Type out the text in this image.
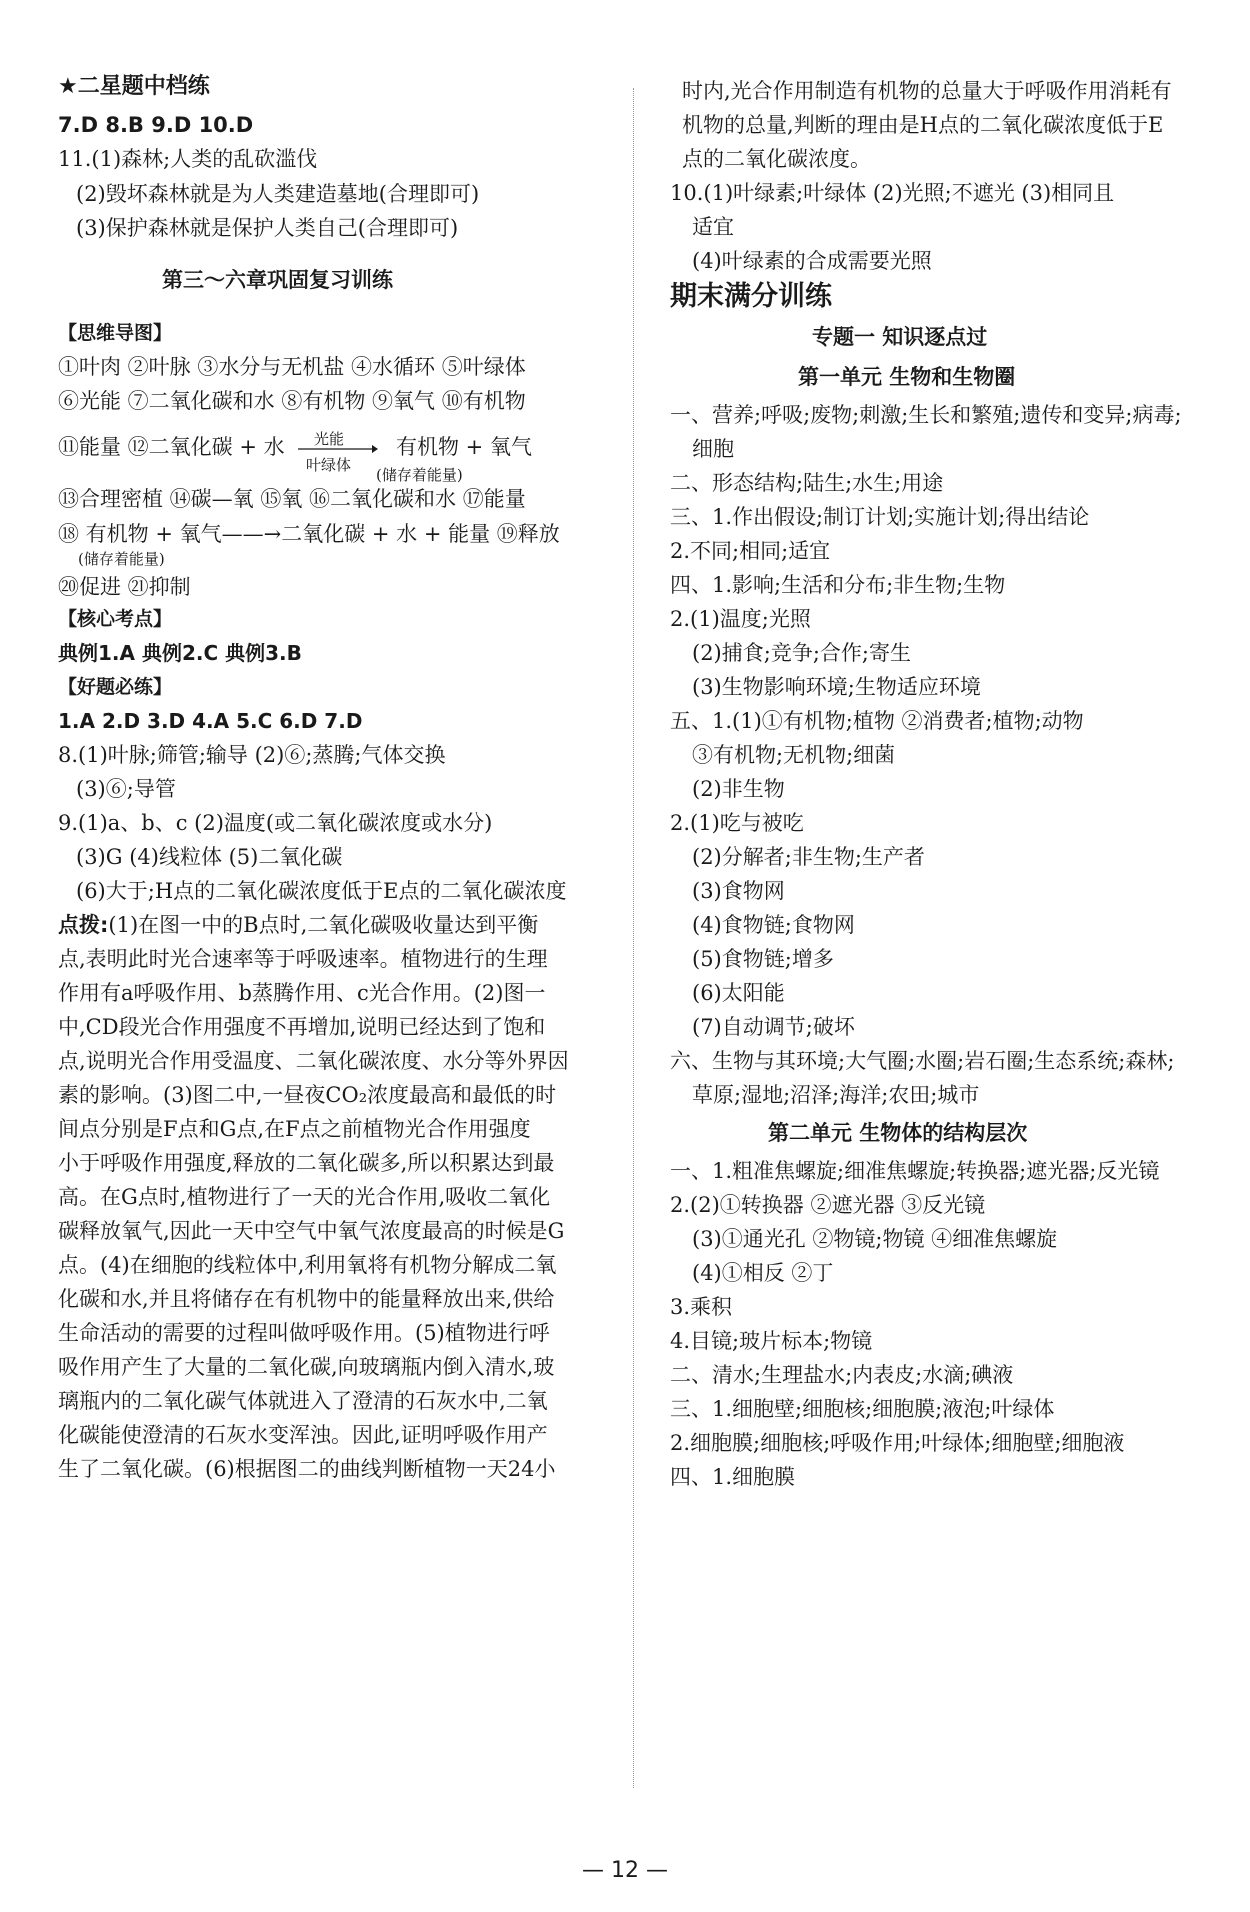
★二星题中档练
7.D 8.B 9.D 10.D
11.(1)森林;人类的乱砍滥伐
(2)毁坏森林就是为人类建造墓地(合理即可)
(3)保护森林就是保护人类自己(合理即可)
第三～六章巩固复习训练
【思维导图】
①叶肉 ②叶脉 ③水分与无机盐 ④水循环 ⑤叶绿体
⑥光能 ⑦二氧化碳和水 ⑧有机物 ⑨氧气 ⑩有机物
⑪能量 ⑫二氧化碳 + 水 光能
叶绿体
有机物 + 氧气
(储存着能量)
⑬合理密植 ⑭碳—氧 ⑮氧 ⑯二氧化碳和水 ⑰能量
⑱ 有机物 + 氧气——→二氧化碳 + 水 + 能量 ⑲释放
(储存着能量)
⑳促进 ㉑抑制
【核心考点】
典例1.A 典例2.C 典例3.B
【好题必练】
1.A 2.D 3.D 4.A 5.C 6.D 7.D
8.(1)叶脉;筛管;输导 (2)⑥;蒸腾;气体交换
(3)⑥;导管
9.(1)a、b、c (2)温度(或二氧化碳浓度或水分)
(3)G (4)线粒体 (5)二氧化碳
(6)大于;H点的二氧化碳浓度低于E点的二氧化碳浓度
点拨:(1)在图一中的B点时,二氧化碳吸收量达到平衡
点,表明此时光合速率等于呼吸速率。植物进行的生理
作用有a呼吸作用、b蒸腾作用、c光合作用。(2)图一
中,CD段光合作用强度不再增加,说明已经达到了饱和
点,说明光合作用受温度、二氧化碳浓度、水分等外界因
素的影响。(3)图二中,一昼夜CO₂浓度最高和最低的时
间点分别是F点和G点,在F点之前植物光合作用强度
小于呼吸作用强度,释放的二氧化碳多,所以积累达到最
高。在G点时,植物进行了一天的光合作用,吸收二氧化
碳释放氧气,因此一天中空气中氧气浓度最高的时候是G
点。(4)在细胞的线粒体中,利用氧将有机物分解成二氧
化碳和水,并且将储存在有机物中的能量释放出来,供给
生命活动的需要的过程叫做呼吸作用。(5)植物进行呼
吸作用产生了大量的二氧化碳,向玻璃瓶内倒入清水,玻
璃瓶内的二氧化碳气体就进入了澄清的石灰水中,二氧
化碳能使澄清的石灰水变浑浊。因此,证明呼吸作用产
生了二氧化碳。(6)根据图二的曲线判断植物一天24小
时内,光合作用制造有机物的总量大于呼吸作用消耗有
机物的总量,判断的理由是H点的二氧化碳浓度低于E
点的二氧化碳浓度。
10.(1)叶绿素;叶绿体 (2)光照;不遮光 (3)相同且
适宜
(4)叶绿素的合成需要光照
期末满分训练
专题一 知识逐点过
第一单元 生物和生物圈
一、营养;呼吸;废物;刺激;生长和繁殖;遗传和变异;病毒;
细胞
二、形态结构;陆生;水生;用途
三、1.作出假设;制订计划;实施计划;得出结论
2.不同;相同;适宜
四、1.影响;生活和分布;非生物;生物
2.(1)温度;光照
(2)捕食;竞争;合作;寄生
(3)生物影响环境;生物适应环境
五、1.(1)①有机物;植物 ②消费者;植物;动物
③有机物;无机物;细菌
(2)非生物
2.(1)吃与被吃
(2)分解者;非生物;生产者
(3)食物网
(4)食物链;食物网
(5)食物链;增多
(6)太阳能
(7)自动调节;破坏
六、生物与其环境;大气圈;水圈;岩石圈;生态系统;森林;
草原;湿地;沼泽;海洋;农田;城市
第二单元 生物体的结构层次
一、1.粗准焦螺旋;细准焦螺旋;转换器;遮光器;反光镜
2.(2)①转换器 ②遮光器 ③反光镜
(3)①通光孔 ②物镜;物镜 ④细准焦螺旋
(4)①相反 ②丁
3.乘积
4.目镜;玻片标本;物镜
二、清水;生理盐水;内表皮;水滴;碘液
三、1.细胞壁;细胞核;细胞膜;液泡;叶绿体
2.细胞膜;细胞核;呼吸作用;叶绿体;细胞壁;细胞液
四、1.细胞膜
— 12 —
